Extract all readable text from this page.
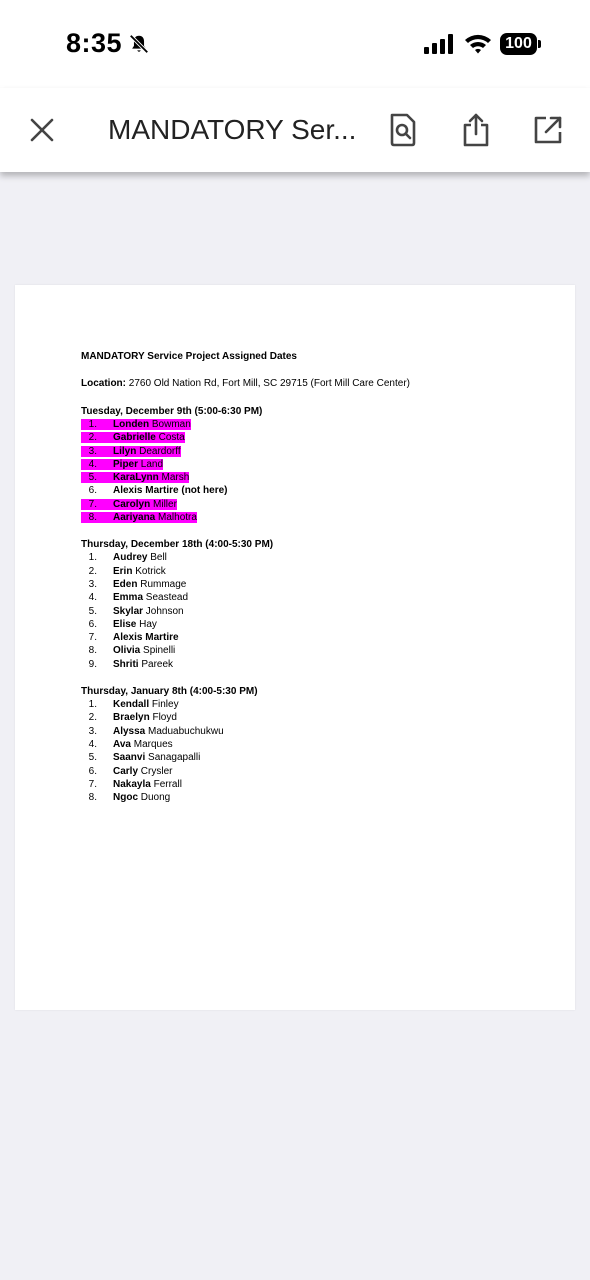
8:35	100
MANDATORY Ser...
MANDATORY Service Project Assigned Dates
Location: 2760 Old Nation Rd, Fort Mill, SC 29715 (Fort Mill Care Center)
Tuesday, December 9th (5:00-6:30 PM)
1. Londen Bowman
2. Gabrielle Costa
3. Lilyn Deardorff
4. Piper Land
5. KaraLynn Marsh
6. Alexis Martire (not here)
7. Carolyn Miller
8. Aariyana Malhotra
Thursday, December 18th (4:00-5:30 PM)
1. Audrey Bell
2. Erin Kotrick
3. Eden Rummage
4. Emma Seastead
5. Skylar Johnson
6. Elise Hay
7. Alexis Martire
8. Olivia Spinelli
9. Shriti Pareek
Thursday, January 8th (4:00-5:30 PM)
1. Kendall Finley
2. Braelyn Floyd
3. Alyssa Maduabuchukwu
4. Ava Marques
5. Saanvi Sanagapalli
6. Carly Crysler
7. Nakayla Ferrall
8. Ngoc Duong
